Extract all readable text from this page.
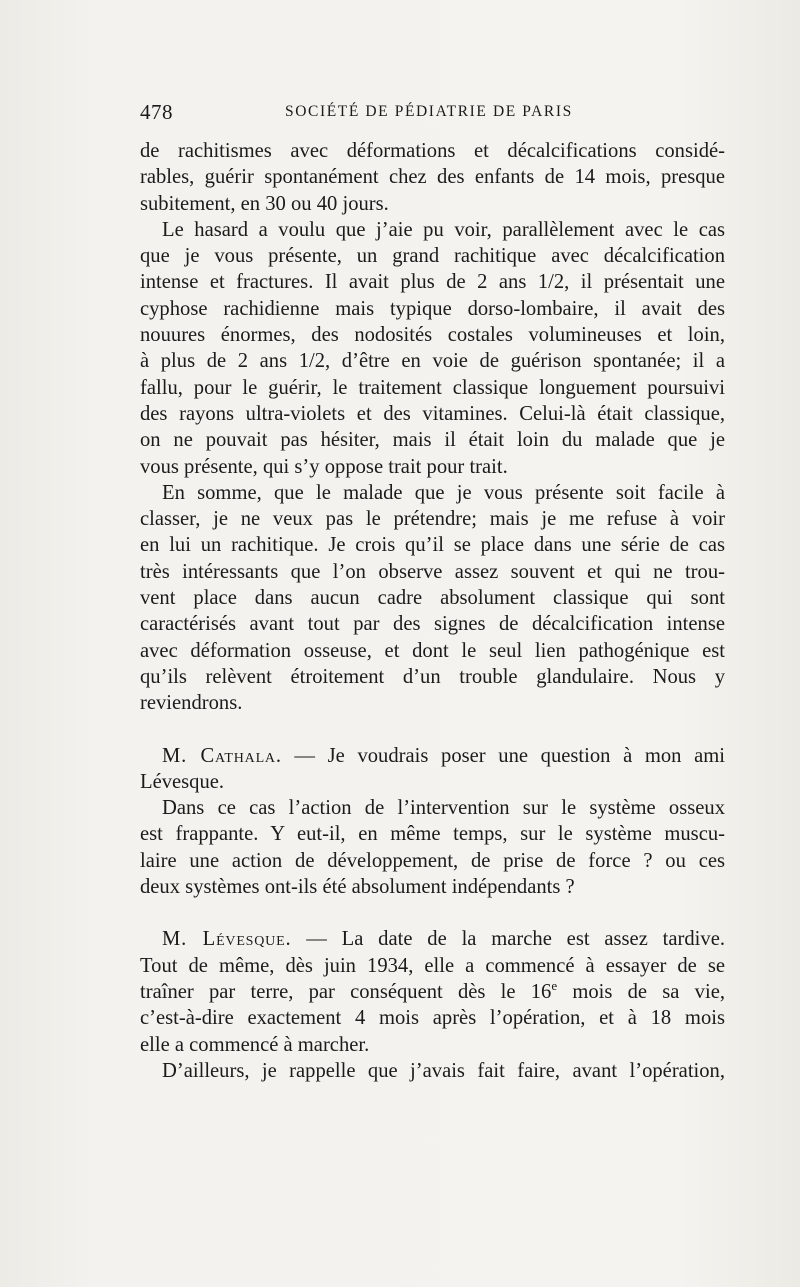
478	SOCIÉTÉ DE PÉDIATRIE DE PARIS
de rachitismes avec déformations et décalcifications considé-
rables, guérir spontanément chez des enfants de 14 mois, presque
subitement, en 30 ou 40 jours.
Le hasard a voulu que j’aie pu voir, parallèlement avec le cas
que je vous présente, un grand rachitique avec décalcification
intense et fractures. Il avait plus de 2 ans 1/2, il présentait une
cyphose rachidienne mais typique dorso-lombaire, il avait des
nouures énormes, des nodosités costales volumineuses et loin,
à plus de 2 ans 1/2, d’être en voie de guérison spontanée; il a
fallu, pour le guérir, le traitement classique longuement poursuivi
des rayons ultra-violets et des vitamines. Celui-là était classique,
on ne pouvait pas hésiter, mais il était loin du malade que je
vous présente, qui s’y oppose trait pour trait.
En somme, que le malade que je vous présente soit facile à
classer, je ne veux pas le prétendre; mais je me refuse à voir
en lui un rachitique. Je crois qu’il se place dans une série de cas
très intéressants que l’on observe assez souvent et qui ne trou-
vent place dans aucun cadre absolument classique qui sont
caractérisés avant tout par des signes de décalcification intense
avec déformation osseuse, et dont le seul lien pathogénique est
qu’ils relèvent étroitement d’un trouble glandulaire. Nous y
reviendrons.
M. Cathala. — Je voudrais poser une question à mon ami
Lévesque.
Dans ce cas l’action de l’intervention sur le système osseux
est frappante. Y eut-il, en même temps, sur le système muscu-
laire une action de développement, de prise de force ? ou ces
deux systèmes ont-ils été absolument indépendants ?
M. Lévesque. — La date de la marche est assez tardive.
Tout de même, dès juin 1934, elle a commencé à essayer de se
traîner par terre, par conséquent dès le 16e mois de sa vie,
c’est-à-dire exactement 4 mois après l’opération, et à 18 mois
elle a commencé à marcher.
D’ailleurs, je rappelle que j’avais fait faire, avant l’opération,
